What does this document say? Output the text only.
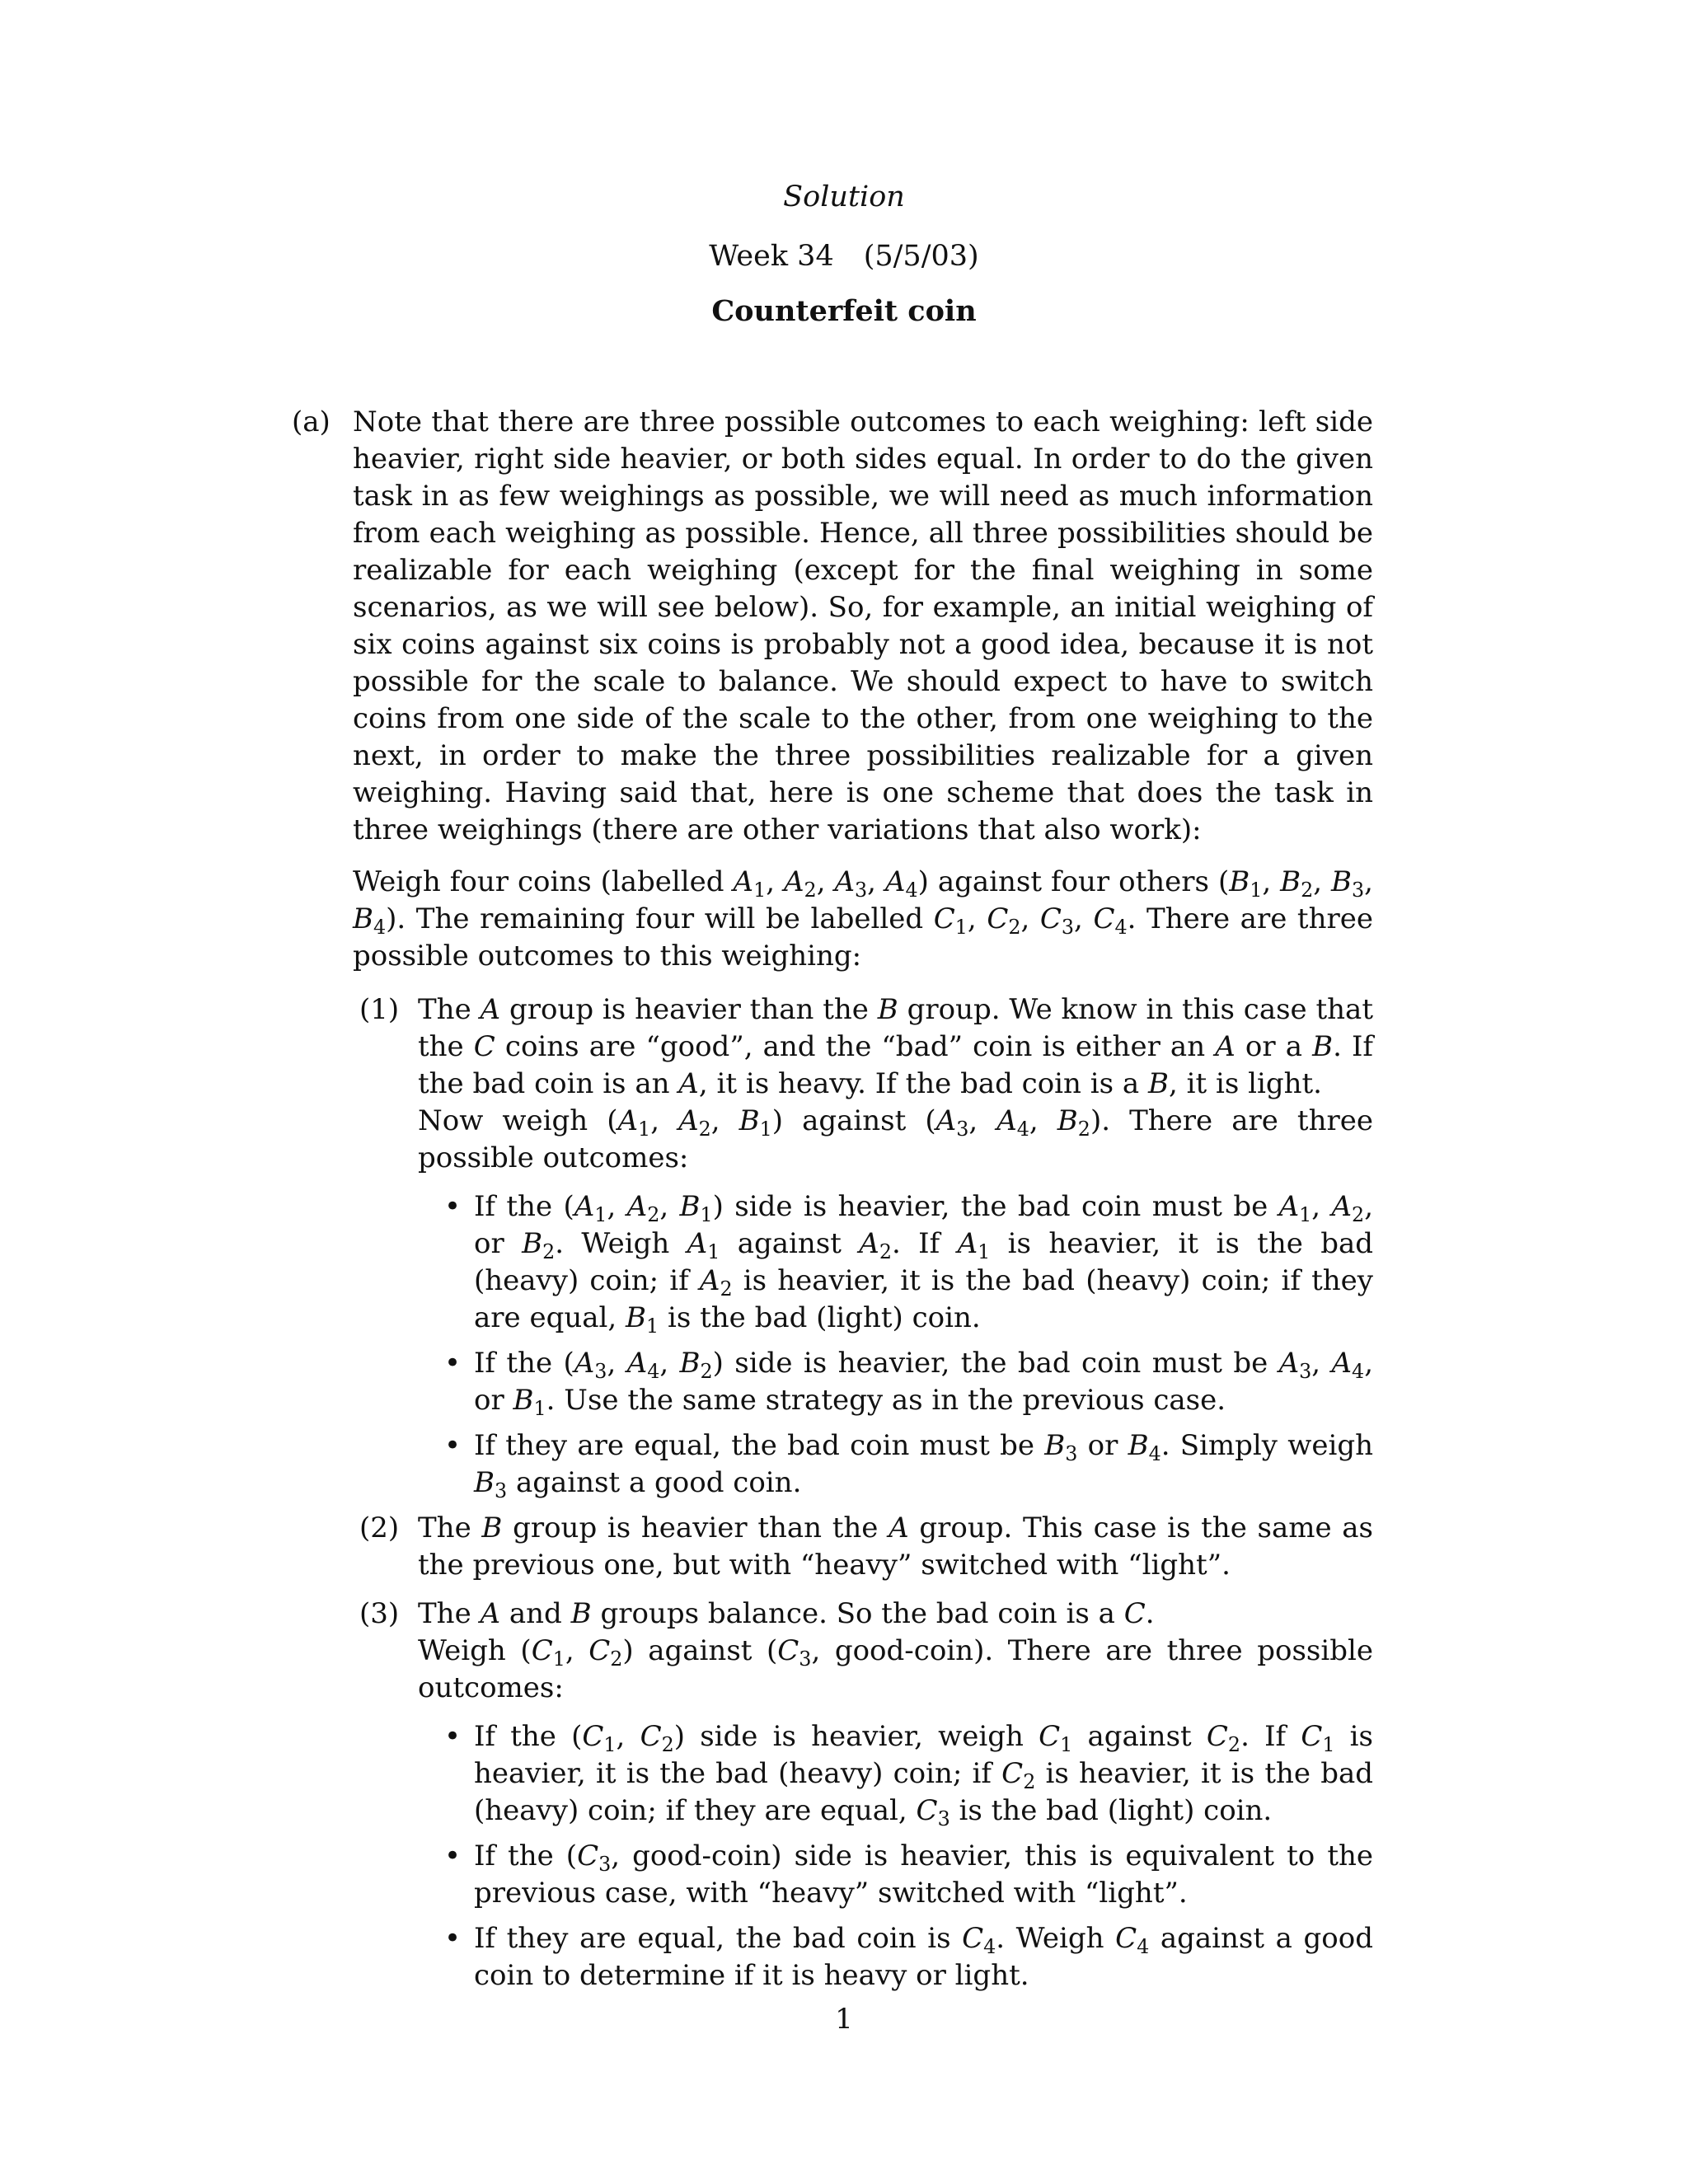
Solution
Week 34 (5/5/03)
Counterfeit coin
(a) Note that there are three possible outcomes to each weighing: left side heavier, right side heavier, or both sides equal. In order to do the given task in as few weighings as possible, we will need as much information from each weighing as possible. Hence, all three possibilities should be realizable for each weighing (except for the final weighing in some scenarios, as we will see below). So, for example, an initial weighing of six coins against six coins is probably not a good idea, because it is not possible for the scale to balance. We should expect to have to switch coins from one side of the scale to the other, from one weighing to the next, in order to make the three possibilities realizable for a given weighing. Having said that, here is one scheme that does the task in three weighings (there are other variations that also work):

Weigh four coins (labelled $A_1$, $A_2$, $A_3$, $A_4$) against four others ($B_1$, $B_2$, $B_3$, $B_4$). The remaining four will be labelled $C_1$, $C_2$, $C_3$, $C_4$. There are three possible outcomes to this weighing:

(1) The A group is heavier than the B group. We know in this case that the C coins are “good”, and the “bad” coin is either an A or a B. If the bad coin is an A, it is heavy. If the bad coin is a B, it is light.

Now weigh ($A_1$, $A_2$, $B_1$) against ($A_3$, $A_4$, $B_2$). There are three possible outcomes:

• If the ($A_1$, $A_2$, $B_1$) side is heavier, the bad coin must be $A_1$, $A_2$, or $B_2$. Weigh $A_1$ against $A_2$. If $A_1$ is heavier, it is the bad (heavy) coin; if $A_2$ is heavier, it is the bad (heavy) coin; if they are equal, $B_1$ is the bad (light) coin.
• If the ($A_3$, $A_4$, $B_2$) side is heavier, the bad coin must be $A_3$, $A_4$, or $B_1$. Use the same strategy as in the previous case.
• If they are equal, the bad coin must be $B_3$ or $B_4$. Simply weigh $B_3$ against a good coin.
(2) The B group is heavier than the A group. This case is the same as the previous one, but with “heavy” switched with “light”.

(3) The A and B groups balance. So the bad coin is a C.

Weigh ($C_1$, $C_2$) against ($C_3$, good-coin). There are three possible outcomes:

• If the ($C_1$, $C_2$) side is heavier, weigh $C_1$ against $C_2$. If $C_1$ is heavier, it is the bad (heavy) coin; if $C_2$ is heavier, it is the bad (heavy) coin; if they are equal, $C_3$ is the bad (light) coin.
• If the ($C_3$, good-coin) side is heavier, this is equivalent to the previous case, with “heavy” switched with “light”.
• If they are equal, the bad coin is $C_4$. Weigh $C_4$ against a good coin to determine if it is heavy or light.
1
